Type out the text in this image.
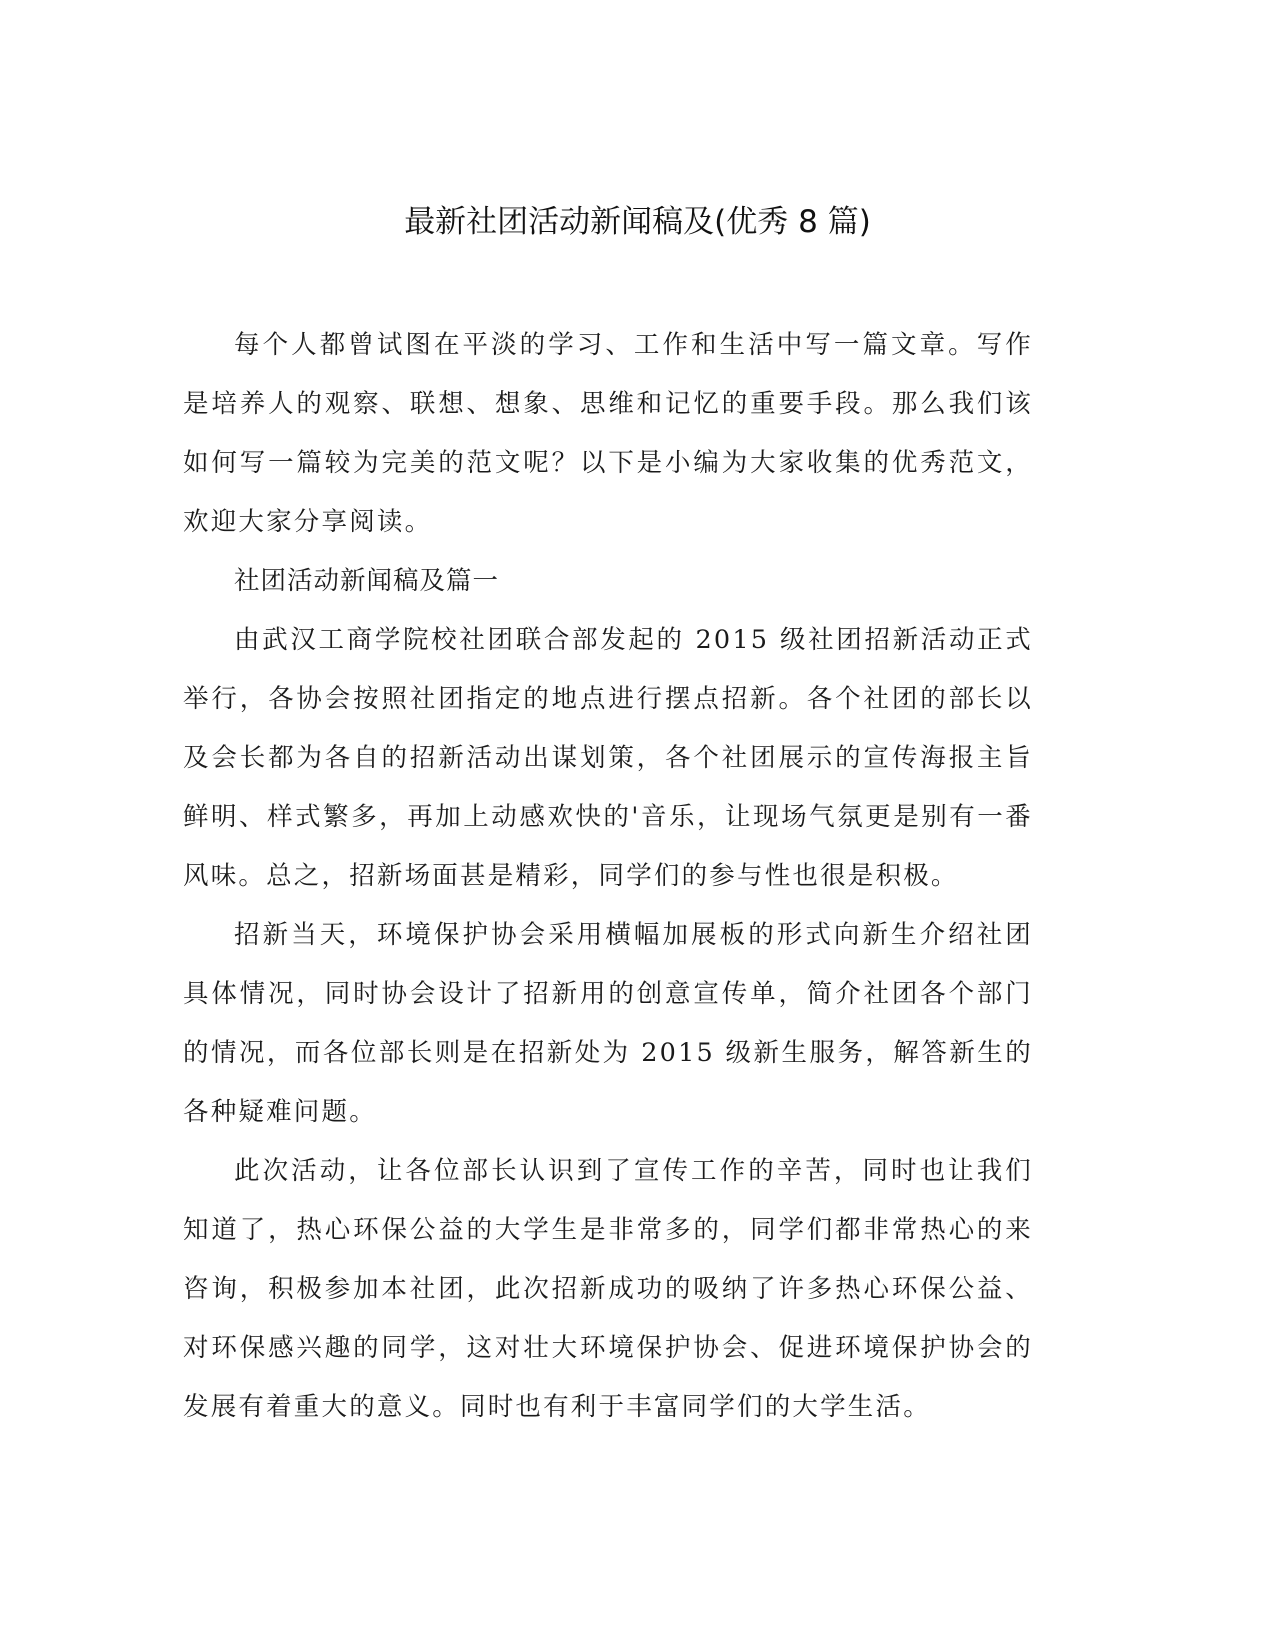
最新社团活动新闻稿及(优秀 8 篇)

每个人都曾试图在平淡的学习、工作和生活中写一篇文章。写作是培养人的观察、联想、想象、思维和记忆的重要手段。那么我们该如何写一篇较为完美的范文呢？以下是小编为大家收集的优秀范文，欢迎大家分享阅读。

社团活动新闻稿及篇一

由武汉工商学院校社团联合部发起的 2015 级社团招新活动正式举行，各协会按照社团指定的地点进行摆点招新。各个社团的部长以及会长都为各自的招新活动出谋划策，各个社团展示的宣传海报主旨鲜明、样式繁多，再加上动感欢快的'音乐，让现场气氛更是别有一番风味。总之，招新场面甚是精彩，同学们的参与性也很是积极。

招新当天，环境保护协会采用横幅加展板的形式向新生介绍社团具体情况，同时协会设计了招新用的创意宣传单，简介社团各个部门的情况，而各位部长则是在招新处为 2015 级新生服务，解答新生的各种疑难问题。

此次活动，让各位部长认识到了宣传工作的辛苦，同时也让我们知道了，热心环保公益的大学生是非常多的，同学们都非常热心的来咨询，积极参加本社团，此次招新成功的吸纳了许多热心环保公益、对环保感兴趣的同学，这对壮大环境保护协会、促进环境保护协会的发展有着重大的意义。同时也有利于丰富同学们的大学生活。
